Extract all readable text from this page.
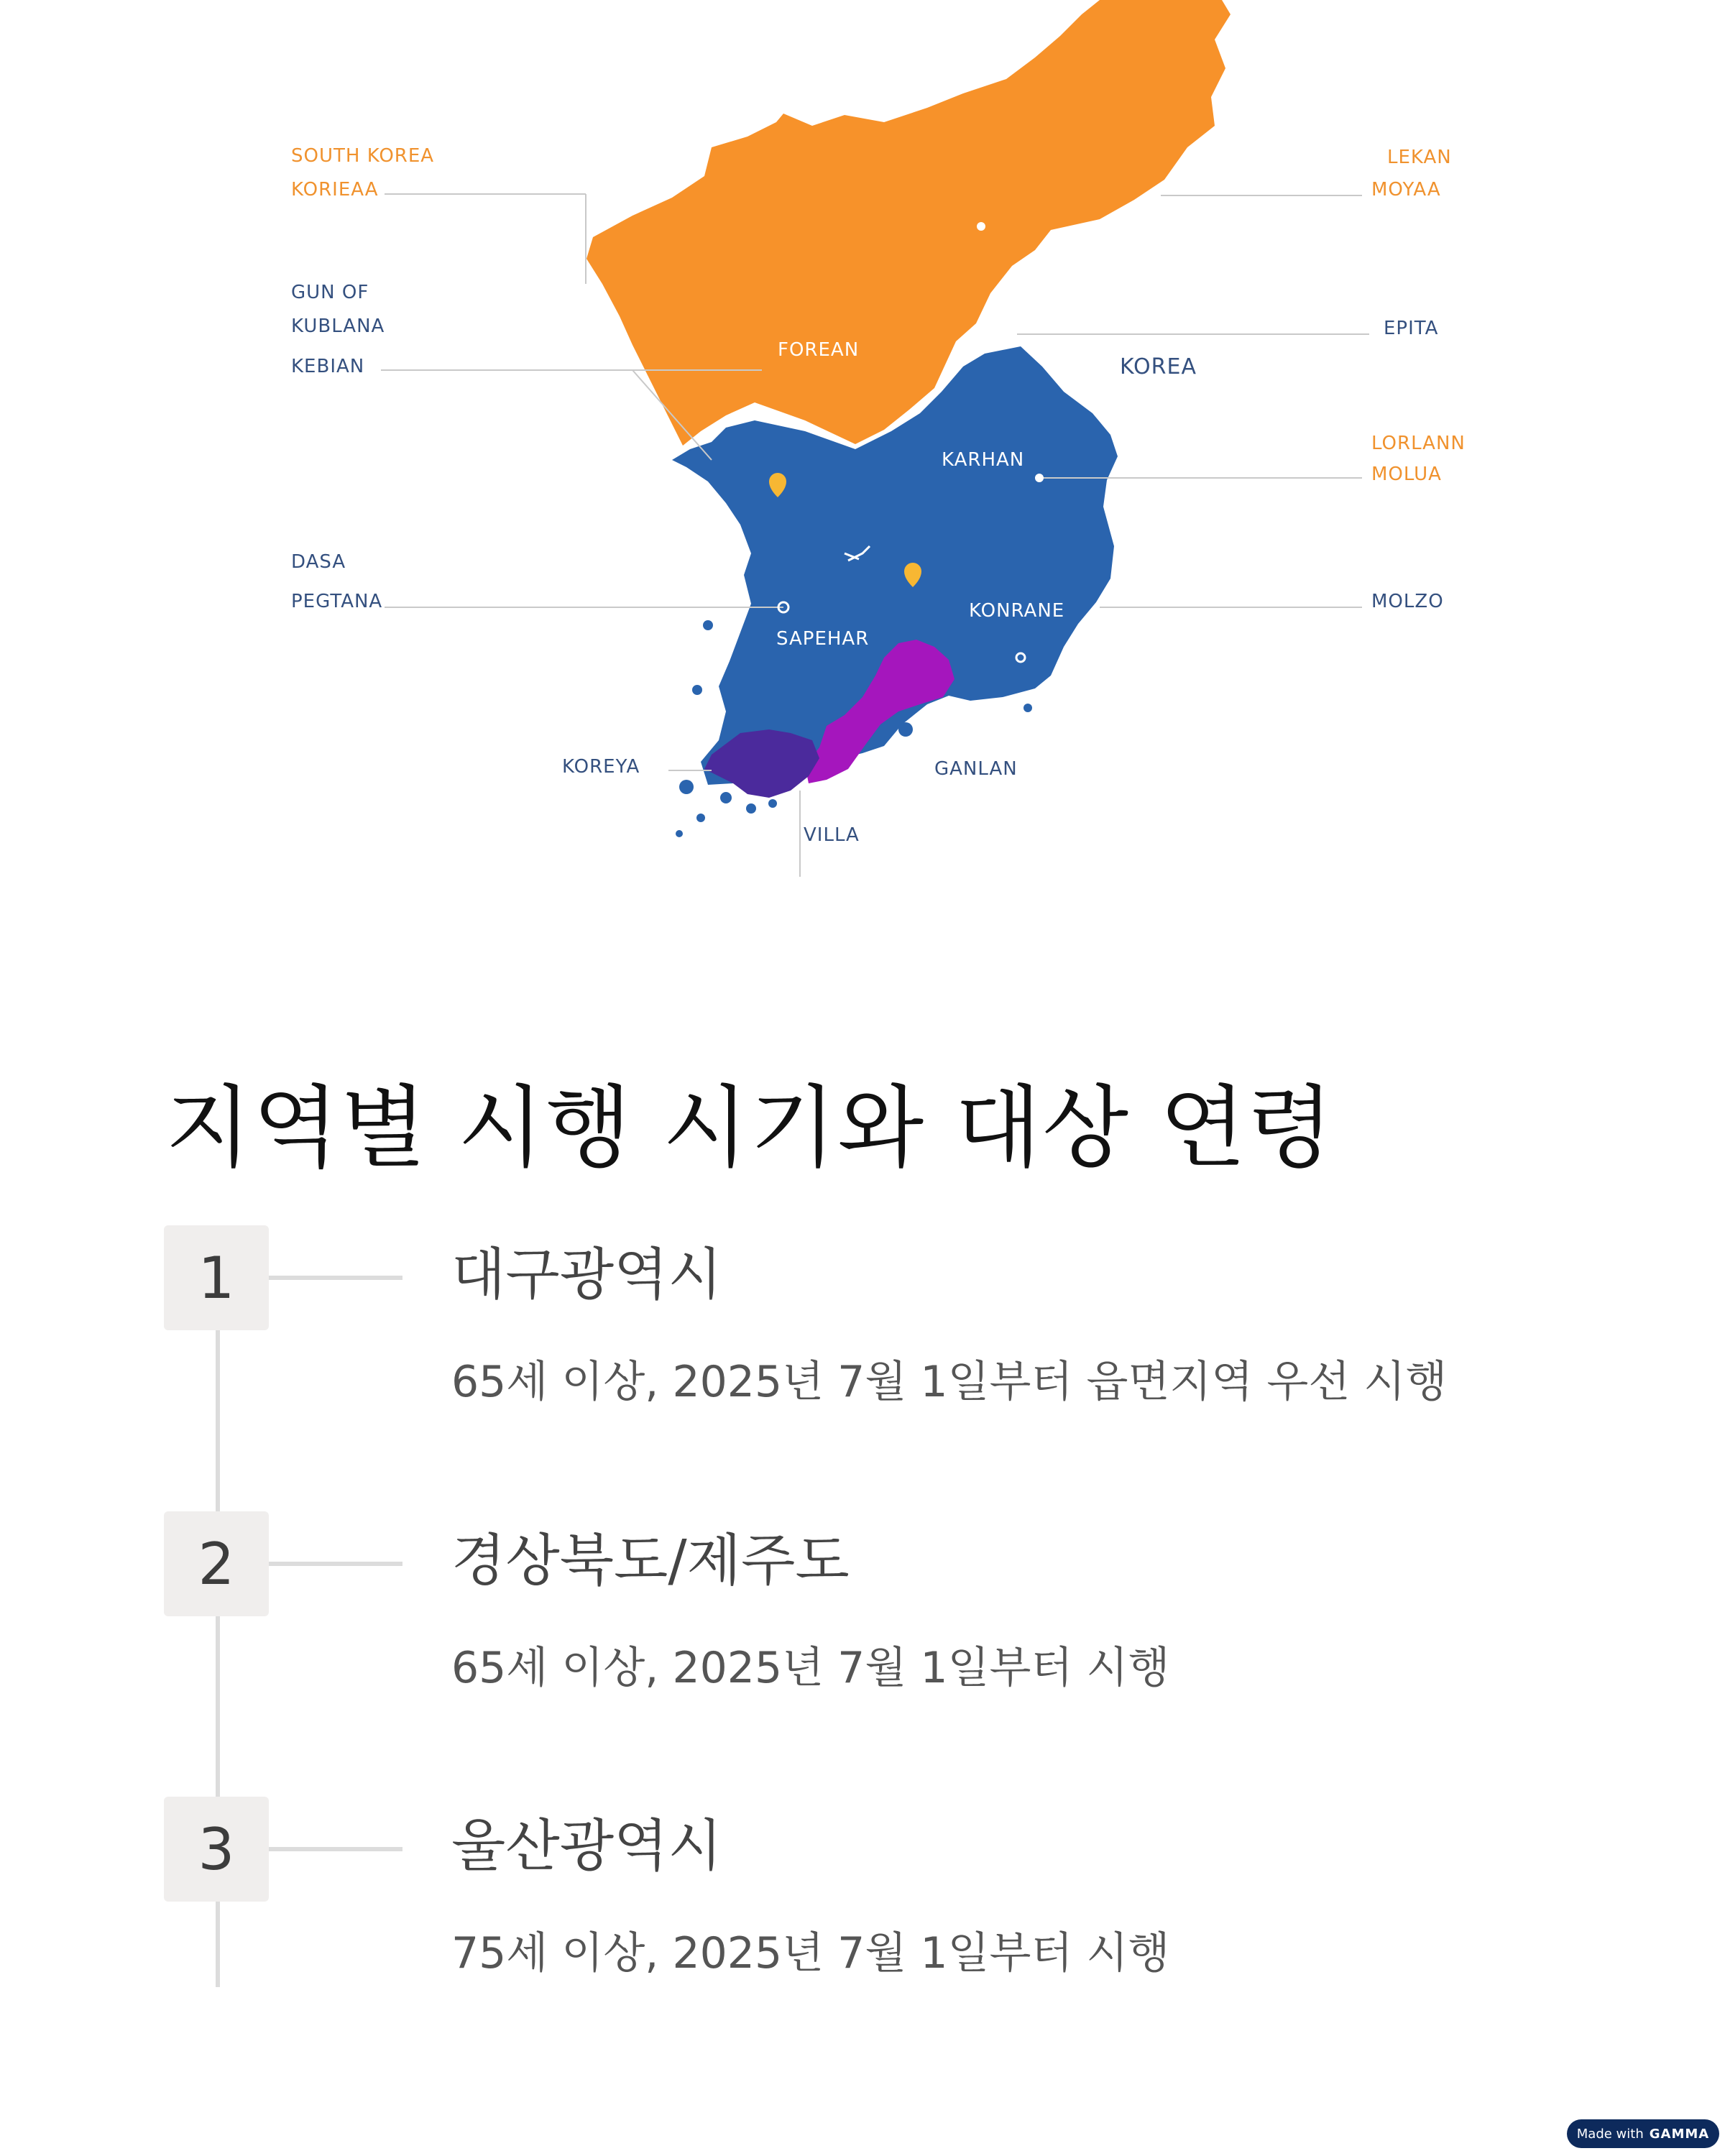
SOUTH KOREA
KORIEAA
GUN OF
KUBLANA
KEBIAN
DASA
PEGTANA
KOREYA
VILLA
GANLAN
MOLZO
LORLANN
MOLUA
EPITA
LEKAN
MOYAA
KOREA
FOREAN
KARHAN
JURAN
SAPEHAR
KONRANE
지역별 시행 시기와 대상 연령
1	대구광역시
65세 이상, 2025년 7월 1일부터 읍면지역 우선 시행
2	경상북도/제주도
65세 이상, 2025년 7월 1일부터 시행
3	울산광역시
75세 이상, 2025년 7월 1일부터 시행
Made with GAMMA
